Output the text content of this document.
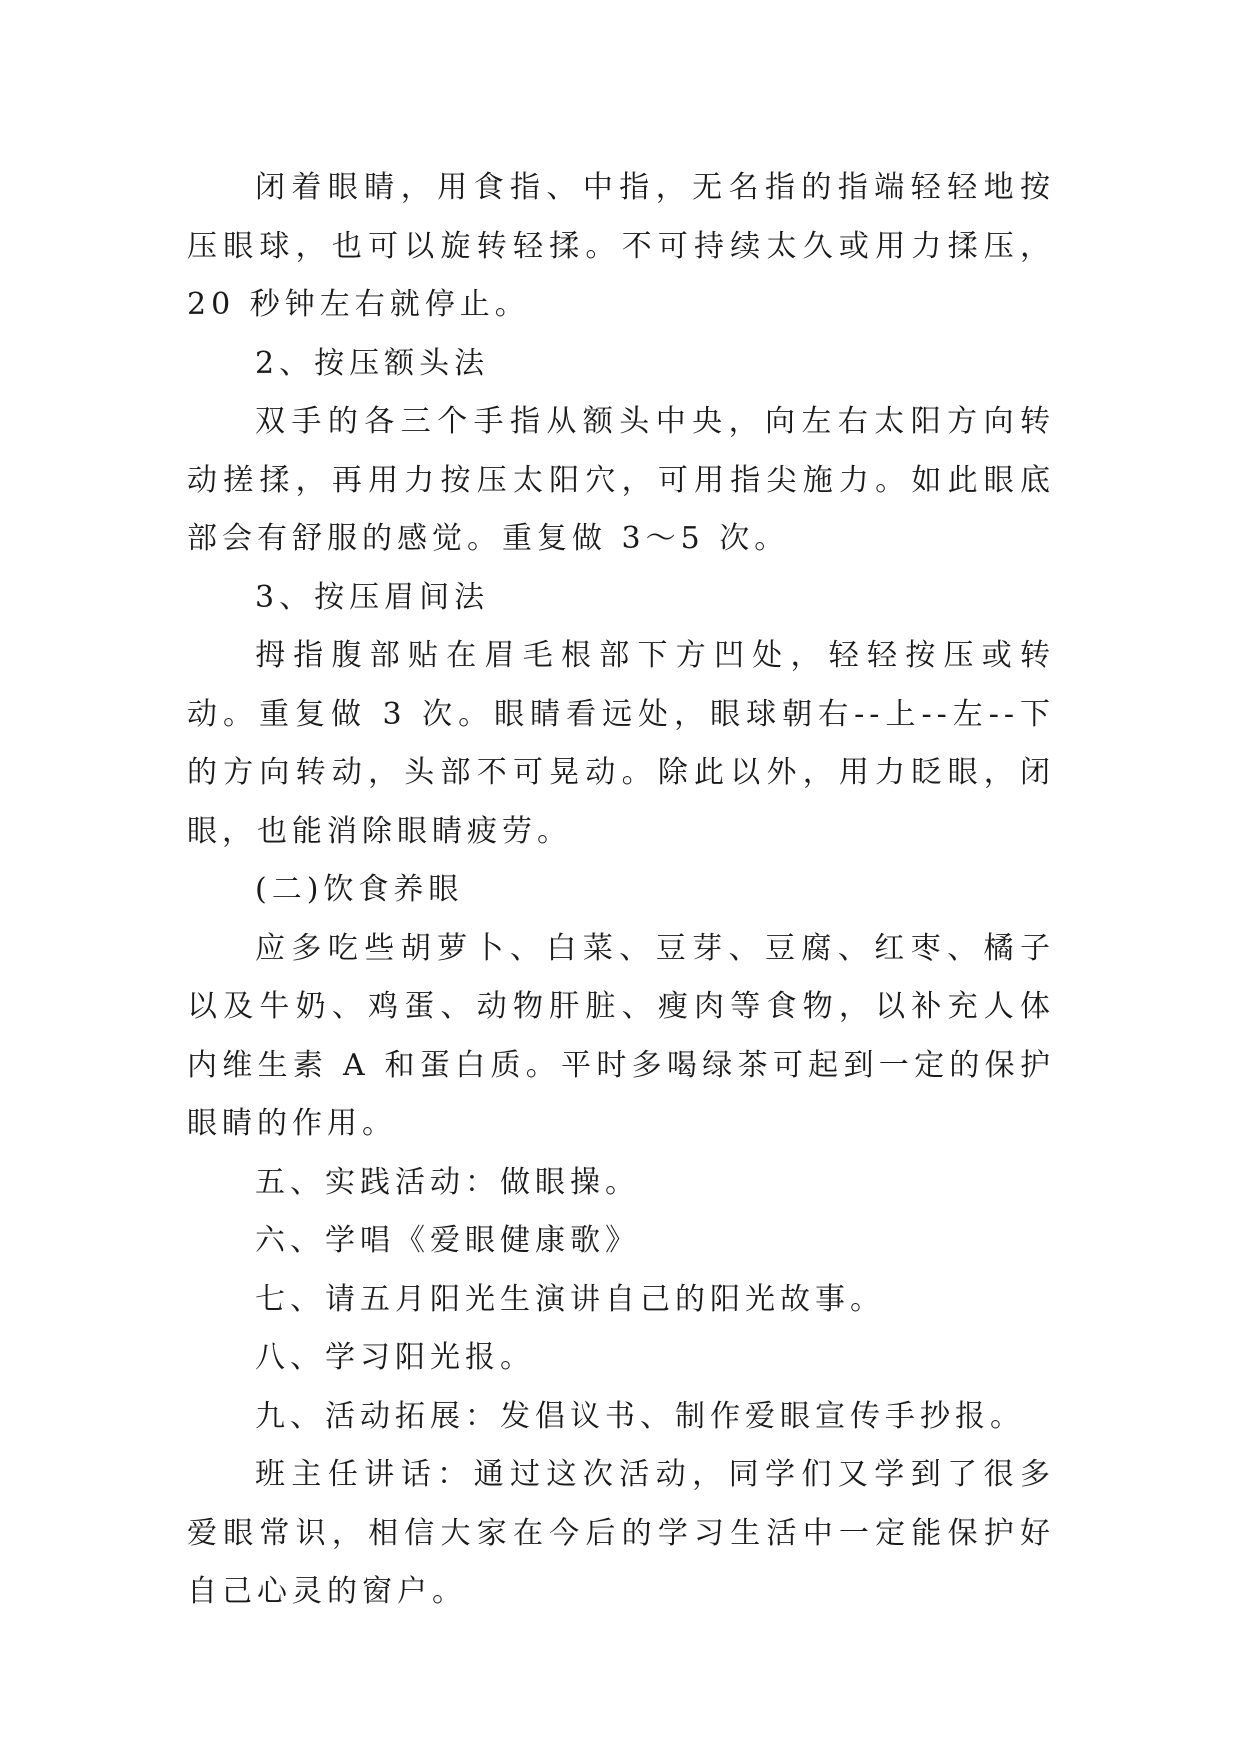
闭着眼睛，用食指、中指，无名指的指端轻轻地按压眼球，也可以旋转轻揉。不可持续太久或用力揉压，20 秒钟左右就停止。

2、按压额头法

双手的各三个手指从额头中央，向左右太阳方向转动搓揉，再用力按压太阳穴，可用指尖施力。如此眼底部会有舒服的感觉。重复做 3～5 次。

3、按压眉间法

拇指腹部贴在眉毛根部下方凹处，轻轻按压或转动。重复做 3 次。眼睛看远处，眼球朝右--上--左--下的方向转动，头部不可晃动。除此以外，用力眨眼，闭眼，也能消除眼睛疲劳。

(二)饮食养眼

应多吃些胡萝卜、白菜、豆芽、豆腐、红枣、橘子以及牛奶、鸡蛋、动物肝脏、瘦肉等食物，以补充人体内维生素 A 和蛋白质。平时多喝绿茶可起到一定的保护眼睛的作用。

五、实践活动：做眼操。

六、学唱《爱眼健康歌》

七、请五月阳光生演讲自己的阳光故事。

八、学习阳光报。

九、活动拓展：发倡议书、制作爱眼宣传手抄报。

班主任讲话：通过这次活动，同学们又学到了很多爱眼常识，相信大家在今后的学习生活中一定能保护好自己心灵的窗户。
